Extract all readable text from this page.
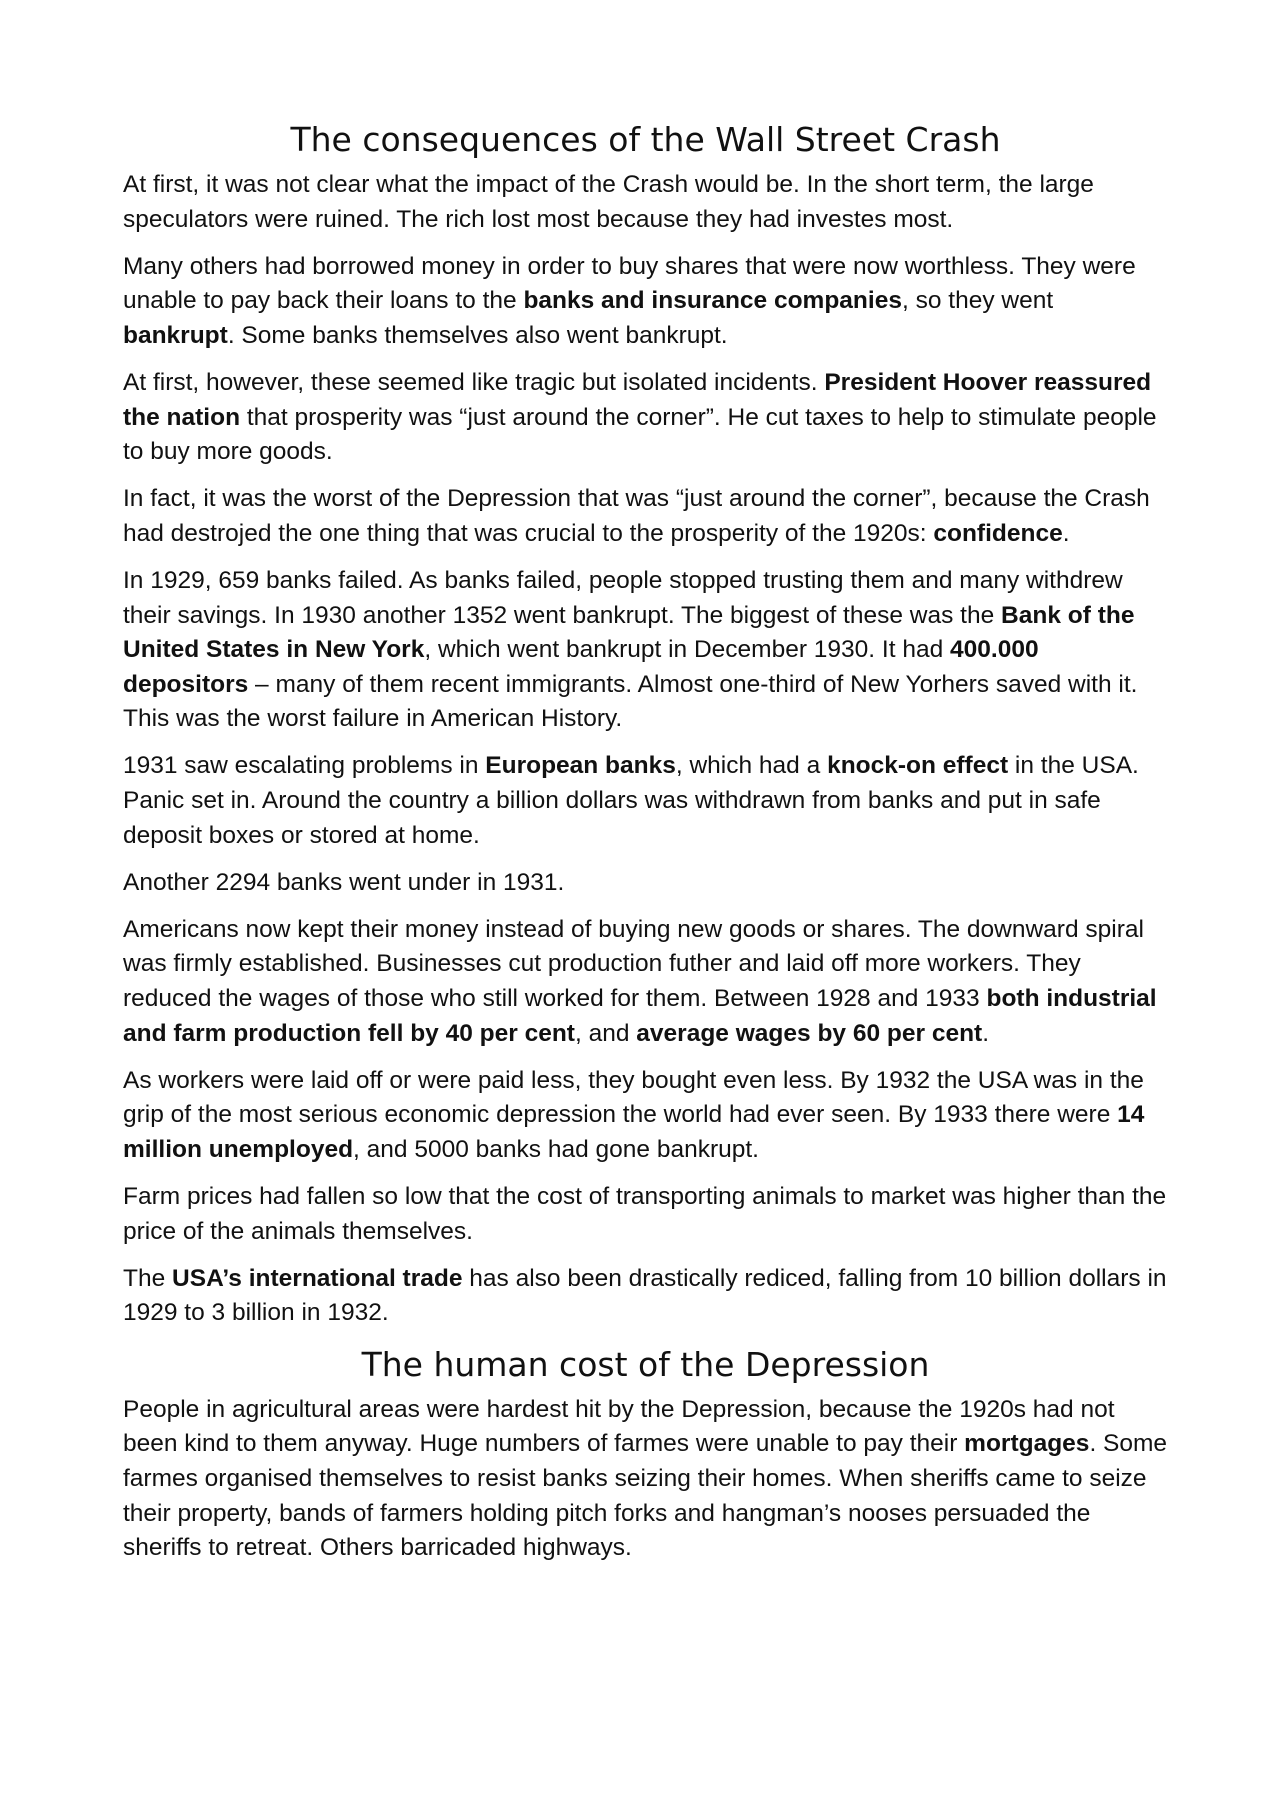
The consequences of the Wall Street Crash

At first, it was not clear what the impact of the Crash would be. In the short term, the large speculators were ruined. The rich lost most because they had investes most.

Many others had borrowed money in order to buy shares that were now worthless. They were unable to pay back their loans to the banks and insurance companies, so they went bankrupt. Some banks themselves also went bankrupt.

At first, however, these seemed like tragic but isolated incidents. President Hoover reassured the nation that prosperity was “just around the corner”. He cut taxes to help to stimulate people to buy more goods.

In fact, it was the worst of the Depression that was “just around the corner”, because the Crash had destrojed the one thing that was crucial to the prosperity of the 1920s: confidence.

In 1929, 659 banks failed. As banks failed, people stopped trusting them and many withdrew their savings. In 1930 another 1352 went bankrupt. The biggest of these was the Bank of the United States in New York, which went bankrupt in December 1930. It had 400.000 depositors – many of them recent immigrants. Almost one-third of New Yorhers saved with it. This was the worst failure in American History.

1931 saw escalating problems in European banks, which had a knock-on effect in the USA. Panic set in. Around the country a billion dollars was withdrawn from banks and put in safe deposit boxes or stored at home.

Another 2294 banks went under in 1931.

Americans now kept their money instead of buying new goods or shares. The downward spiral was firmly established. Businesses cut production futher and laid off more workers. They reduced the wages of those who still worked for them. Between 1928 and 1933 both industrial and farm production fell by 40 per cent, and average wages by 60 per cent.

As workers were laid off or were paid less, they bought even less. By 1932 the USA was in the grip of the most serious economic depression the world had ever seen. By 1933 there were 14 million unemployed, and 5000 banks had gone bankrupt.

Farm prices had fallen so low that the cost of transporting animals to market was higher than the price of the animals themselves.

The USA’s international trade has also been drastically rediced, falling from 10 billion dollars in 1929 to 3 billion in 1932.

The human cost of the Depression

People in agricultural areas were hardest hit by the Depression, because the 1920s had not been kind to them anyway. Huge numbers of farmes were unable to pay their mortgages. Some farmes organised themselves to resist banks seizing their homes. When sheriffs came to seize their property, bands of farmers holding pitch forks and hangman’s nooses persuaded the sheriffs to retreat. Others barricaded highways.
